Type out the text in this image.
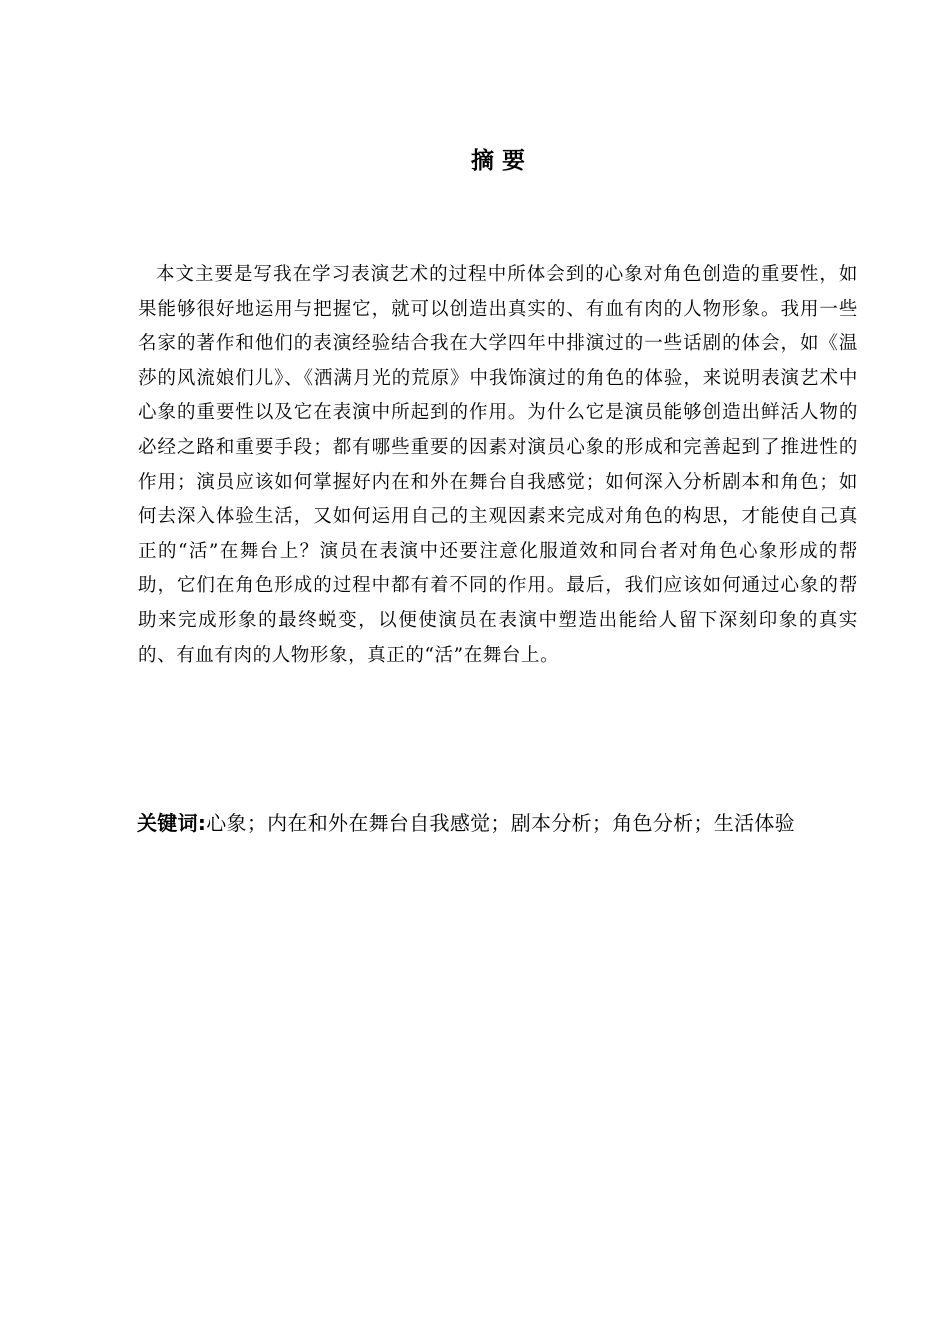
摘 要

本文主要是写我在学习表演艺术的过程中所体会到的心象对角色创造的重要性，如果能够很好地运用与把握它，就可以创造出真实的、有血有肉的人物形象。我用一些名家的著作和他们的表演经验结合我在大学四年中排演过的一些话剧的体会，如《温莎的风流娘们儿》、《洒满月光的荒原》中我饰演过的角色的体验，来说明表演艺术中心象的重要性以及它在表演中所起到的作用。为什么它是演员能够创造出鲜活人物的必经之路和重要手段；都有哪些重要的因素对演员心象的形成和完善起到了推进性的作用；演员应该如何掌握好内在和外在舞台自我感觉；如何深入分析剧本和角色；如何去深入体验生活，又如何运用自己的主观因素来完成对角色的构思，才能使自己真正的“活”在舞台上？演员在表演中还要注意化服道效和同台者对角色心象形成的帮助，它们在角色形成的过程中都有着不同的作用。最后，我们应该如何通过心象的帮助来完成形象的最终蜕变，以便使演员在表演中塑造出能给人留下深刻印象的真实的、有血有肉的人物形象，真正的“活”在舞台上。

关键词:心象；内在和外在舞台自我感觉；剧本分析；角色分析；生活体验
